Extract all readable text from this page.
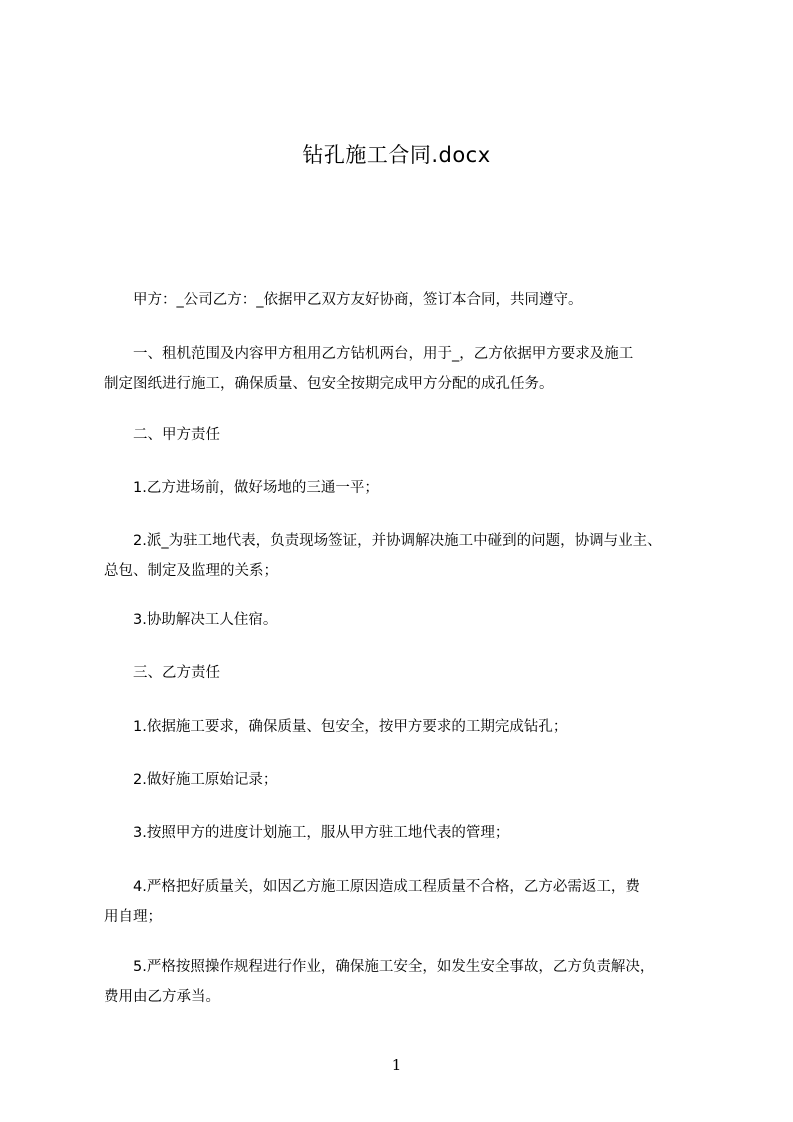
钻孔施工合同.docx
　　甲方：_公司乙方：_依据甲乙双方友好协商，签订本合同，共同遵守。
　　一、租机范围及内容甲方租用乙方钻机两台，用于_，乙方依据甲方要求及施工
制定图纸进行施工，确保质量、包安全按期完成甲方分配的成孔任务。
　　二、甲方责任
　　1.乙方进场前，做好场地的三通一平；
　　2.派_为驻工地代表，负责现场签证，并协调解决施工中碰到的问题，协调与业主、
总包、制定及监理的关系；
　　3.协助解决工人住宿。
　　三、乙方责任
　　1.依据施工要求，确保质量、包安全，按甲方要求的工期完成钻孔；
　　2.做好施工原始记录；
　　3.按照甲方的进度计划施工，服从甲方驻工地代表的管理；
　　4.严格把好质量关，如因乙方施工原因造成工程质量不合格，乙方必需返工，费
用自理；
　　5.严格按照操作规程进行作业，确保施工安全，如发生安全事故，乙方负责解决，
费用由乙方承当。
1
